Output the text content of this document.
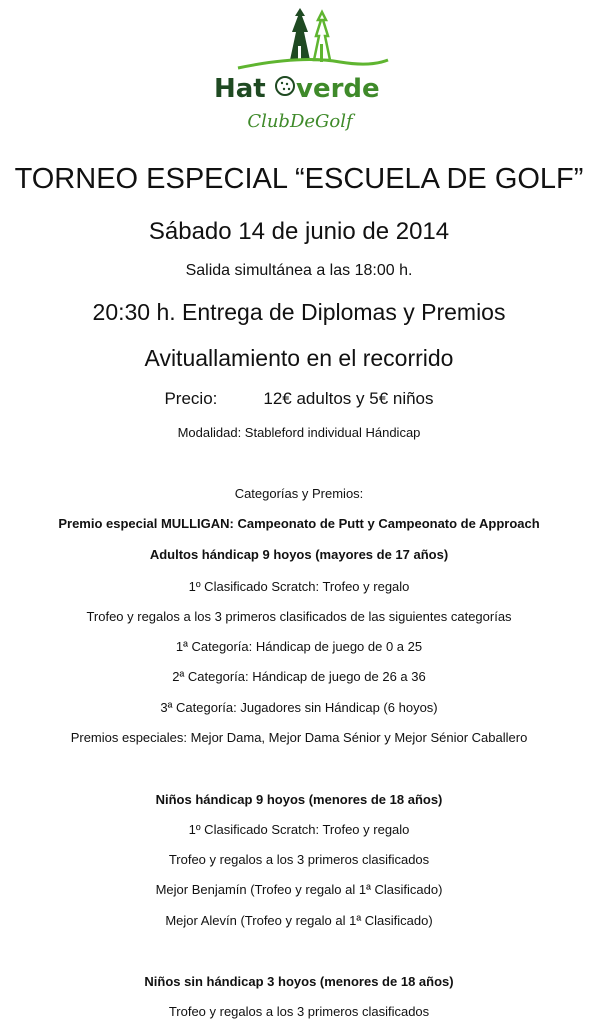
Hat verde
ClubDeGolf
TORNEO ESPECIAL “ESCUELA DE GOLF”
Sábado 14 de junio de 2014
Salida simultánea a las 18:00 h.
20:30 h. Entrega de Diplomas y Premios
Avituallamiento en el recorrido
Precio:	12€ adultos y 5€ niños
Modalidad: Stableford individual Hándicap
Categorías y Premios:
Premio especial MULLIGAN: Campeonato de Putt y Campeonato de Approach
Adultos hándicap 9 hoyos (mayores de 17 años)
1º Clasificado Scratch: Trofeo y regalo
Trofeo y regalos a los 3 primeros clasificados de las siguientes categorías
1ª Categoría: Hándicap de juego de 0 a 25
2ª Categoría: Hándicap de juego de 26 a 36
3ª Categoría: Jugadores sin Hándicap (6 hoyos)
Premios especiales: Mejor Dama, Mejor Dama Sénior y Mejor Sénior Caballero
Niños hándicap 9 hoyos (menores de 18 años)
1º Clasificado Scratch: Trofeo y regalo
Trofeo y regalos a los 3 primeros clasificados
Mejor Benjamín (Trofeo y regalo al 1ª Clasificado)
Mejor Alevín (Trofeo y regalo al 1ª Clasificado)
Niños sin hándicap 3 hoyos (menores de 18 años)
Trofeo y regalos a los 3 primeros clasificados
